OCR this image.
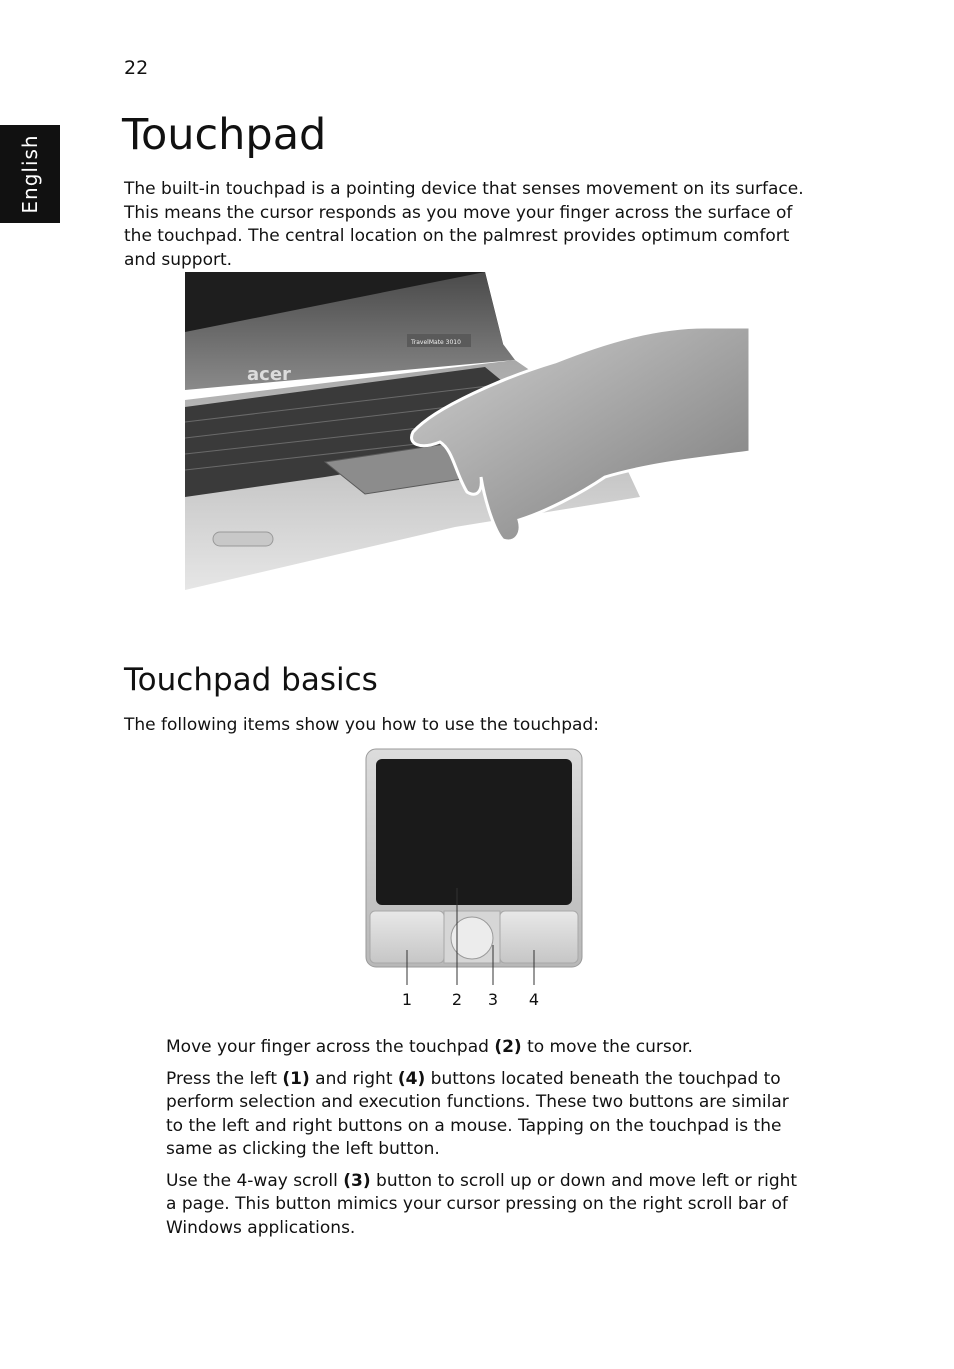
22
English Touchpad

The built-in touchpad is a pointing device that senses movement on its surface. This means the cursor responds as you move your finger across the surface of the touchpad. The central location on the palmrest provides optimum comfort and support.

acer
TravelMate 3010
Touchpad basics

The following items show you how to use the touchpad:

1 2 3 4

Move your finger across the touchpad (2) to move the cursor.

Press the left (1) and right (4) buttons located beneath the touchpad to perform selection and execution functions. These two buttons are similar to the left and right buttons on a mouse. Tapping on the touchpad is the same as clicking the left button.

Use the 4-way scroll (3) button to scroll up or down and move left or right a page. This button mimics your cursor pressing on the right scroll bar of Windows applications.
